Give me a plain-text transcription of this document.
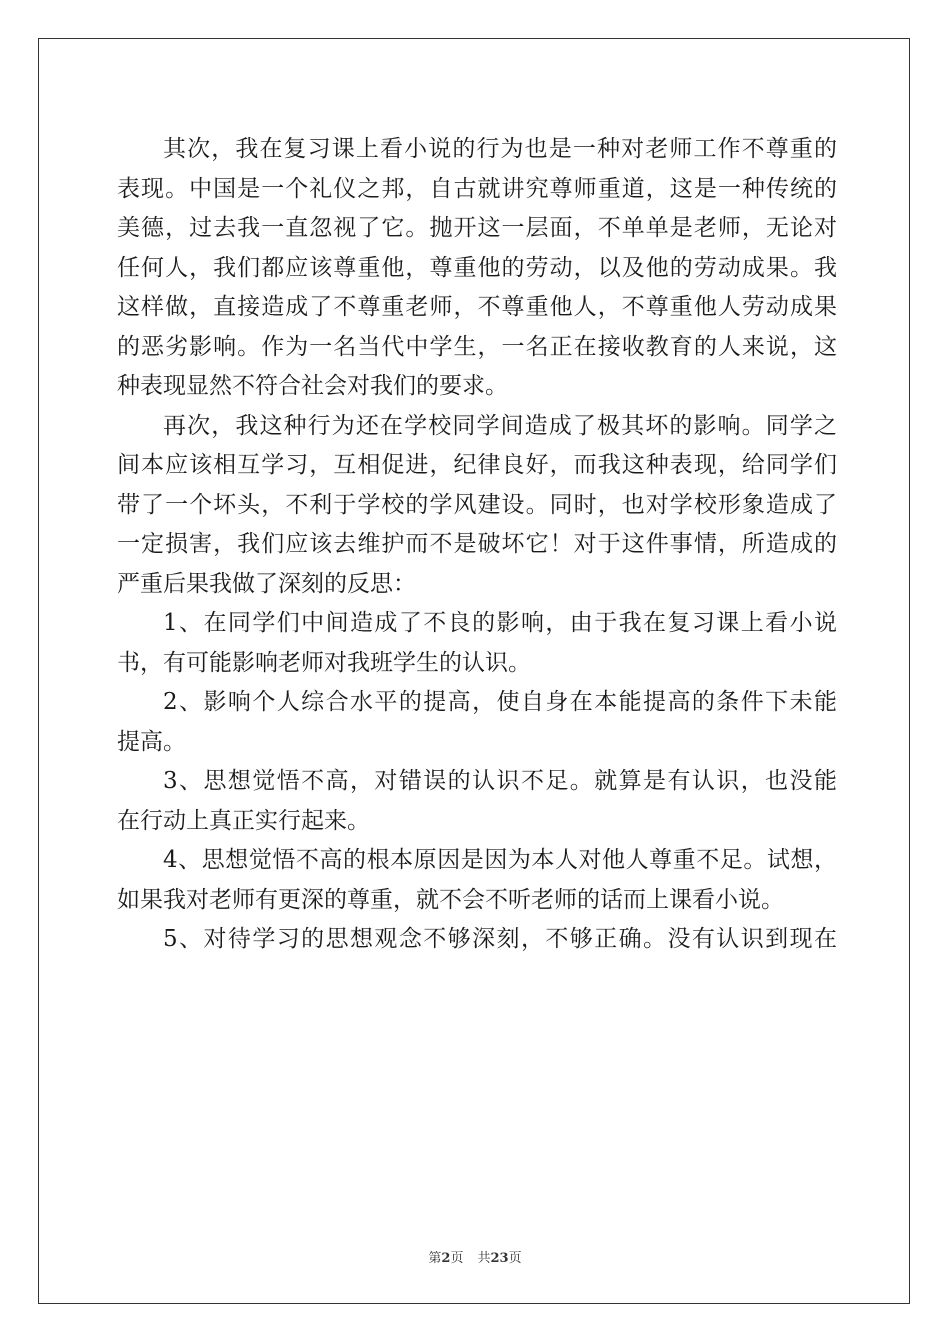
其次，我在复习课上看小说的行为也是一种对老师工作不尊重的
表现。中国是一个礼仪之邦，自古就讲究尊师重道，这是一种传统的
美德，过去我一直忽视了它。抛开这一层面，不单单是老师，无论对
任何人，我们都应该尊重他，尊重他的劳动，以及他的劳动成果。我
这样做，直接造成了不尊重老师，不尊重他人，不尊重他人劳动成果
的恶劣影响。作为一名当代中学生，一名正在接收教育的人来说，这
种表现显然不符合社会对我们的要求。
再次，我这种行为还在学校同学间造成了极其坏的影响。同学之
间本应该相互学习，互相促进，纪律良好，而我这种表现，给同学们
带了一个坏头，不利于学校的学风建设。同时，也对学校形象造成了
一定损害，我们应该去维护而不是破坏它！对于这件事情，所造成的
严重后果我做了深刻的反思：
1、在同学们中间造成了不良的影响，由于我在复习课上看小说
书，有可能影响老师对我班学生的认识。
2、影响个人综合水平的提高，使自身在本能提高的条件下未能
提高。
3、思想觉悟不高，对错误的认识不足。就算是有认识，也没能
在行动上真正实行起来。
4、思想觉悟不高的根本原因是因为本人对他人尊重不足。试想，
如果我对老师有更深的尊重，就不会不听老师的话而上课看小说。
5、对待学习的思想观念不够深刻，不够正确。没有认识到现在
第2页 共23页
